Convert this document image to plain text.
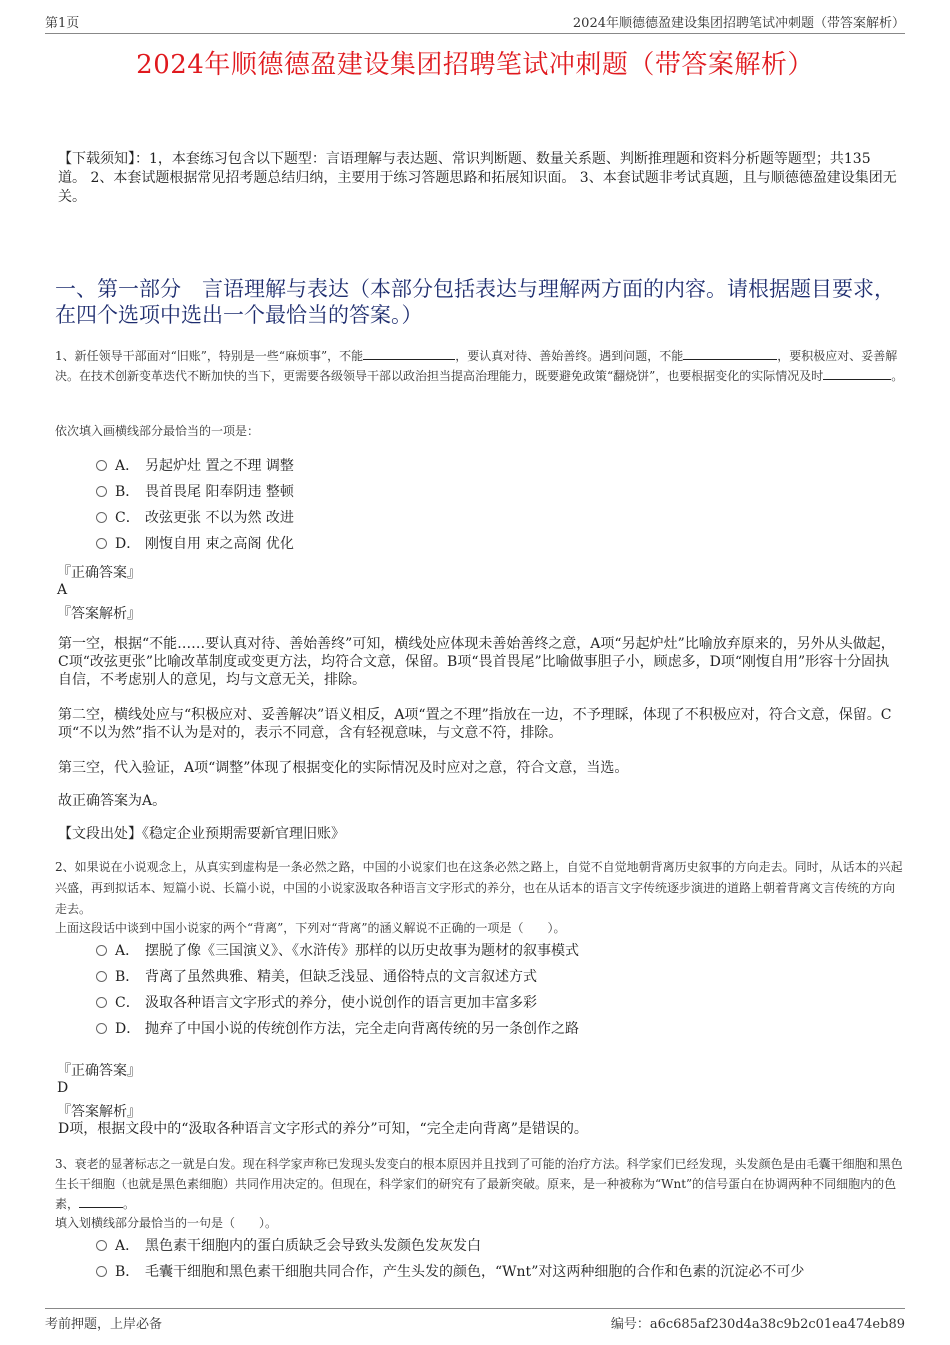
第1页	2024年顺德德盈建设集团招聘笔试冲刺题（带答案解析）
2024年顺德德盈建设集团招聘笔试冲刺题（带答案解析）
【下载须知】：1，本套练习包含以下题型：言语理解与表达题、常识判断题、数量关系题、判断推理题和资料分析题等题型；共135道。 2、本套试题根据常见招考题总结归纳，主要用于练习答题思路和拓展知识面。 3、本套试题非考试真题，且与顺德德盈建设集团无关。
一、第一部分　言语理解与表达（本部分包括表达与理解两方面的内容。请根据题目要求，在四个选项中选出一个最恰当的答案。）
1、新任领导干部面对“旧账”，特别是一些“麻烦事”，不能	，要认真对待、善始善终。遇到问题，不能	，要积极应对、妥善解决。在技术创新变革迭代不断加快的当下，更需要各级领导干部以政治担当提高治理能力，既要避免政策“翻烧饼”，也要根据变化的实际情况及时	。
依次填入画横线部分最恰当的一项是：
A． 另起炉灶 置之不理 调整
B． 畏首畏尾 阳奉阴违 整顿
C． 改弦更张 不以为然 改进
D． 刚愎自用 束之高阁 优化
『正确答案』
A
『答案解析』
第一空，根据“不能……要认真对待、善始善终”可知，横线处应体现未善始善终之意，A项“另起炉灶”比喻放弃原来的，另外从头做起，C项“改弦更张”比喻改革制度或变更方法，均符合文意，保留。B项“畏首畏尾”比喻做事胆子小，顾虑多，D项“刚愎自用”形容十分固执自信，不考虑别人的意见，均与文意无关，排除。
第二空，横线处应与“积极应对、妥善解决”语义相反，A项“置之不理”指放在一边，不予理睬，体现了不积极应对，符合文意，保留。C项“不以为然”指不认为是对的，表示不同意，含有轻视意味，与文意不符，排除。
第三空，代入验证，A项“调整”体现了根据变化的实际情况及时应对之意，符合文意，当选。
故正确答案为A。
【文段出处】《稳定企业预期需要新官理旧账》
2、如果说在小说观念上，从真实到虚构是一条必然之路，中国的小说家们也在这条必然之路上，自觉不自觉地朝背离历史叙事的方向走去。同时，从话本的兴起兴盛，再到拟话本、短篇小说、长篇小说，中国的小说家汲取各种语言文字形式的养分，也在从话本的语言文字传统逐步演进的道路上朝着背离文言传统的方向走去。
上面这段话中谈到中国小说家的两个“背离”，下列对“背离”的涵义解说不正确的一项是（　　）。
A． 摆脱了像《三国演义》、《水浒传》那样的以历史故事为题材的叙事模式
B． 背离了虽然典雅、精美，但缺乏浅显、通俗特点的文言叙述方式
C． 汲取各种语言文字形式的养分，使小说创作的语言更加丰富多彩
D． 抛弃了中国小说的传统创作方法，完全走向背离传统的另一条创作之路
『正确答案』
D
『答案解析』
D项，根据文段中的“汲取各种语言文字形式的养分”可知，“完全走向背离”是错误的。
3、衰老的显著标志之一就是白发。现在科学家声称已发现头发变白的根本原因并且找到了可能的治疗方法。科学家们已经发现，头发颜色是由毛囊干细胞和黑色生长干细胞（也就是黑色素细胞）共同作用决定的。但现在，科学家们的研究有了最新突破。原来，是一种被称为“Wnt”的信号蛋白在协调两种不同细胞内的色素，	。
填入划横线部分最恰当的一句是（　　）。
A． 黑色素干细胞内的蛋白质缺乏会导致头发颜色发灰发白
B． 毛囊干细胞和黑色素干细胞共同合作，产生头发的颜色，“Wnt”对这两种细胞的合作和色素的沉淀必不可少
考前押题，上岸必备	编号：a6c685af230d4a38c9b2c01ea474eb89
